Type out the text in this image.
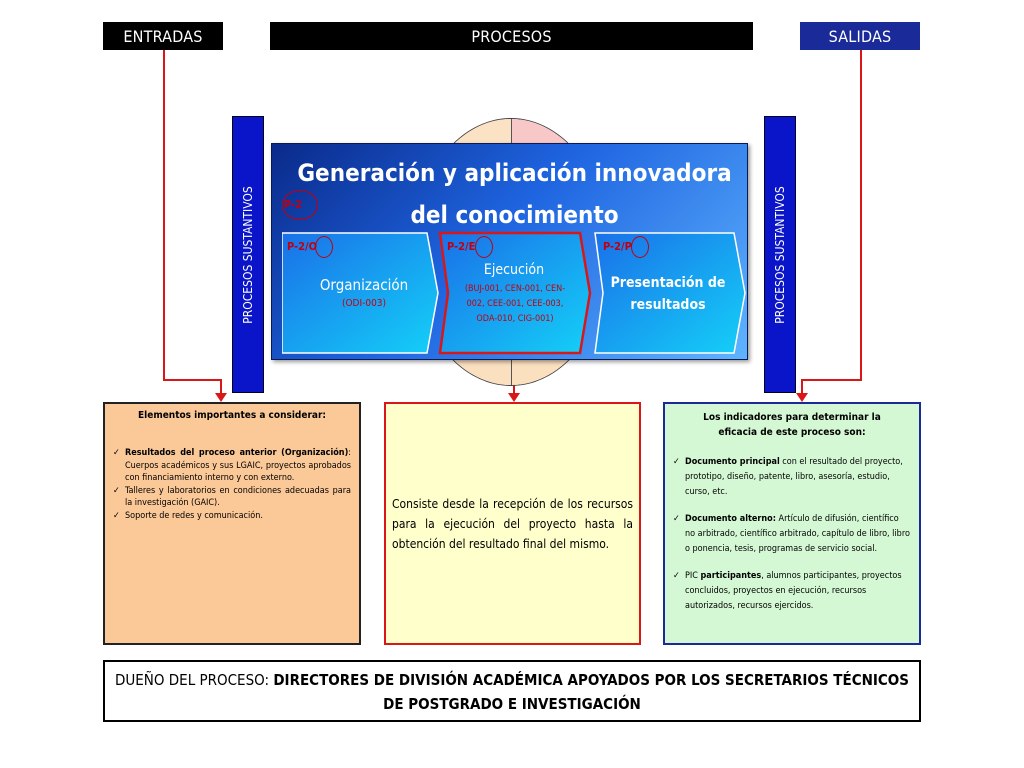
ENTRADAS	PROCESOS	SALIDAS
PROCESOS SUSTANTIVOS	PROCESOS SUSTANTIVOS
Generación y aplicación innovadora del conocimiento
P-2
P-2/O
Organización
(ODI-003)
P-2/E
Ejecución
(BUJ-001, CEN-001, CEN-002, CEE-001, CEE-003, ODA-010, CIG-001)
P-2/P
Presentación de resultados
Elementos importantes a considerar:
✓ Resultados del proceso anterior (Organización): Cuerpos académicos y sus LGAIC, proyectos aprobados con financiamiento interno y con externo.
✓ Talleres y laboratorios en condiciones adecuadas para la investigación (GAIC).
✓ Soporte de redes y comunicación.
Consiste desde la recepción de los recursos para la ejecución del proyecto hasta la obtención del resultado final del mismo.
Los indicadores para determinar la eficacia de este proceso son:
✓ Documento principal con el resultado del proyecto, prototipo, diseño, patente, libro, asesoría, estudio, curso, etc.
✓ Documento alterno: Artículo de difusión, científico no arbitrado, científico arbitrado, capítulo de libro, libro o ponencia, tesis, programas de servicio social.
✓ PIC participantes, alumnos participantes, proyectos concluidos, proyectos en ejecución, recursos autorizados, recursos ejercidos.
DUEÑO DEL PROCESO: DIRECTORES DE DIVISIÓN ACADÉMICA APOYADOS POR LOS SECRETARIOS TÉCNICOS DE POSTGRADO E INVESTIGACIÓN
